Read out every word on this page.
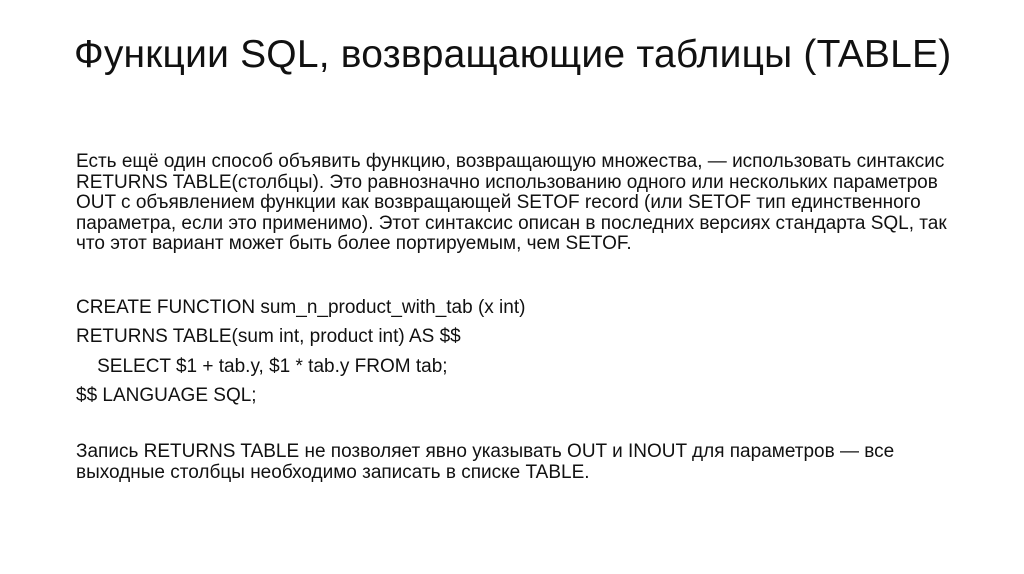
Функции SQL, возвращающие таблицы (TABLE)

Есть ещё один способ объявить функцию, возвращающую множества, — использовать синтаксис RETURNS TABLE(столбцы). Это равнозначно использованию одного или нескольких параметров OUT с объявлением функции как возвращающей SETOF record (или SETOF тип единственного параметра, если это применимо). Этот синтаксис описан в последних версиях стандарта SQL, так что этот вариант может быть более портируемым, чем SETOF.

CREATE FUNCTION sum_n_product_with_tab (x int)
RETURNS TABLE(sum int, product int) AS $$
SELECT $1 + tab.y, $1 * tab.y FROM tab;
$$ LANGUAGE SQL;

Запись RETURNS TABLE не позволяет явно указывать OUT и INOUT для параметров — все выходные столбцы необходимо записать в списке TABLE.
